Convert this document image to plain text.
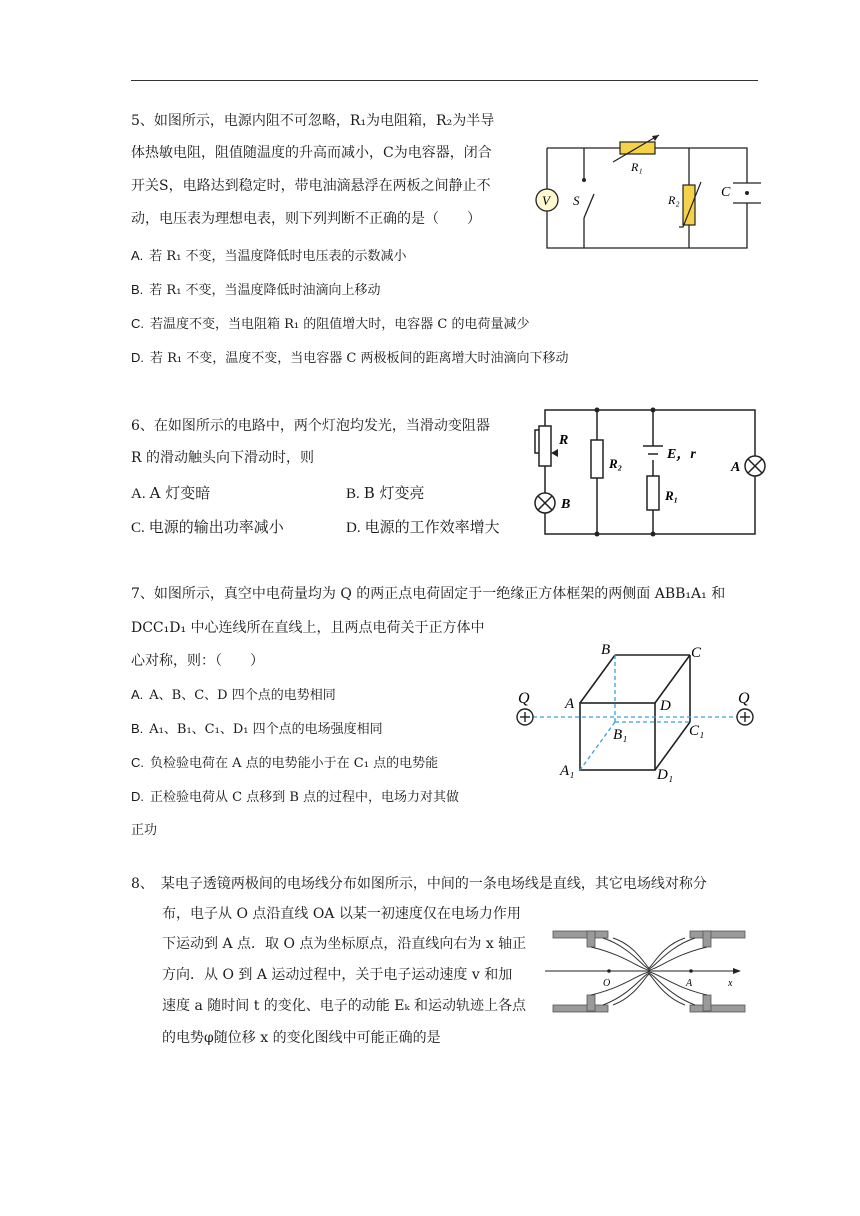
5、如图所示，电源内阻不可忽略，R₁为电阻箱，R₂为半导
体热敏电阻，阻值随温度的升高而减小，C为电容器，闭合
开关S，电路达到稳定时，带电油滴悬浮在两板之间静止不
动，电压表为理想电表，则下列判断不正确的是（　　）
A. 若 R₁ 不变，当温度降低时电压表的示数减小
B. 若 R₁ 不变，当温度降低时油滴向上移动
C. 若温度不变，当电阻箱 R₁ 的阻值增大时，电容器 C 的电荷量减少
D. 若 R₁ 不变，温度不变，当电容器 C 两极板间的距离增大时油滴向下移动
V S
R₁
R₂	C
6、在如图所示的电路中，两个灯泡均发光，当滑动变阻器
R 的滑动触头向下滑动时，则
A. A 灯变暗	B. B 灯变亮
C. 电源的输出功率减小	D. 电源的工作效率增大
R
R₂
E，r
R₁
A
B
7、如图所示，真空中电荷量均为 Q 的两正点电荷固定于一绝缘正方体框架的两侧面 ABB₁A₁ 和
DCC₁D₁ 中心连线所在直线上，且两点电荷关于正方体中
心对称，则：（　　）
A. A、B、C、D 四个点的电势相同
B. A₁、B₁、C₁、D₁ 四个点的电场强度相同
C. 负检验电荷在 A 点的电势能小于在 C₁ 点的电势能
D. 正检验电荷从 C 点移到 B 点的过程中，电场力对其做
正功
Q	Q
A
B	C
D
A₁
B₁	C₁
D₁
8、　某电子透镜两极间的电场线分布如图所示，中间的一条电场线是直线，其它电场线对称分
布，电子从 O 点沿直线 OA 以某一初速度仅在电场力作用
下运动到 A 点．取 O 点为坐标原点，沿直线向右为 x 轴正
方向．从 O 到 A 运动过程中，关于电子运动速度 v 和加
速度 a 随时间 t 的变化、电子的动能 Eₖ 和运动轨迹上各点
的电势φ随位移 x 的变化图线中可能正确的是
O	A	x
